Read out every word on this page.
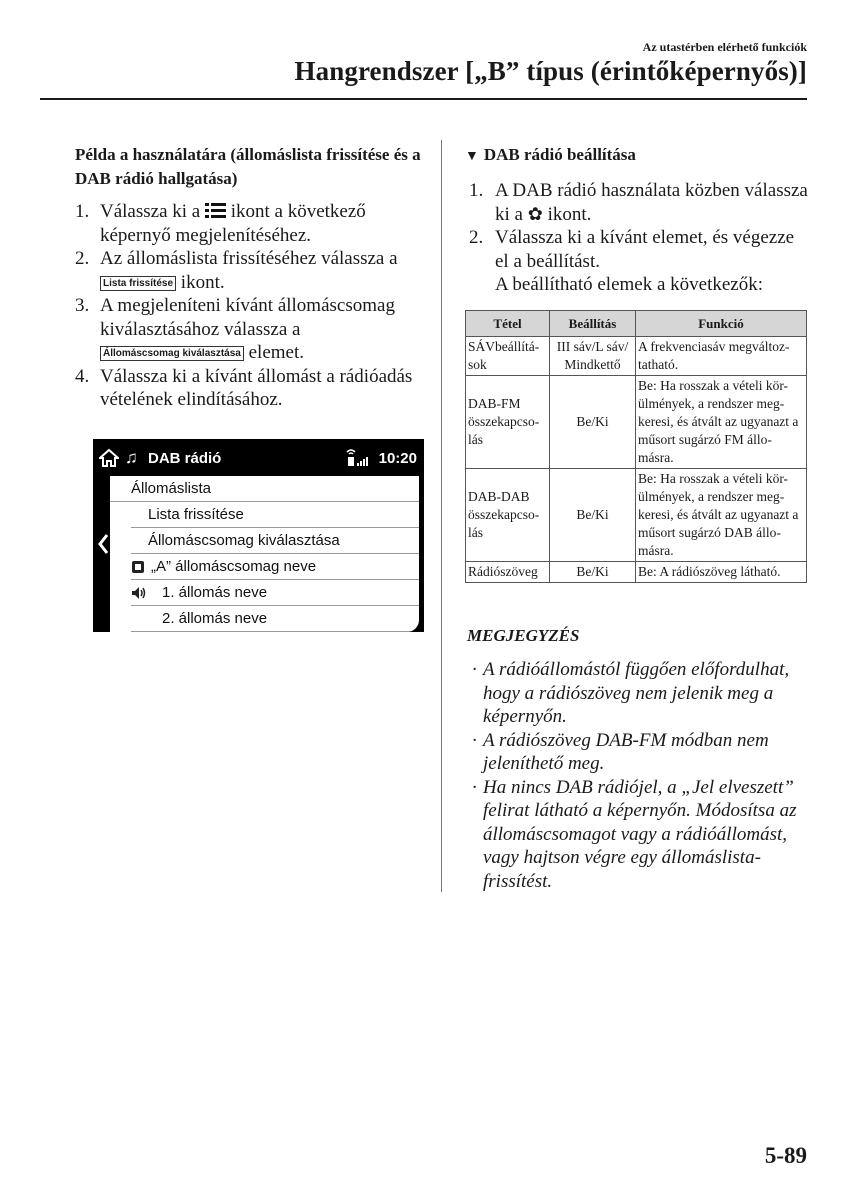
Az utastérben elérhető funkciók
Hangrendszer [„B” típus (érintőképernyős)]
Példa a használatára (állomáslista frissítése és a DAB rádió hallgatása)
1. Válassza ki a  ikont a következő képernyő megjelenítéséhez.
2. Az állomáslista frissítéséhez válassza a Lista frissítése ikont.
3. A megjeleníteni kívánt állomáscsomag kiválasztásához válassza a
Állomáscsomag kiválasztása elemet.
4. Válassza ki a kívánt állomást a rádióadás vételének elindításához.
♫ DAB rádió	10:20
Állomáslista
Lista frissítése
Állomáscsomag kiválasztása
„A” állomáscsomag neve
1. állomás neve
2. állomás neve
▼ DAB rádió beállítása
1. A DAB rádió használata közben válassza ki a ✿ ikont.
2. Válassza ki a kívánt elemet, és végezze el a beállítást.
A beállítható elemek a következők:
Tétel	Beállítás	Funkció
SÁVbeállítá-sok	III sáv/L sáv/ Mindkettő	A frekvenciasáv megváltoz-tatható.
DAB-FM összekapcso-lás	Be/Ki	Be: Ha rosszak a vételi kör-ülmények, a rendszer meg-keresi, és átvált az ugyanazt a műsort sugárzó FM állo-másra.
DAB-DAB összekapcso-lás	Be/Ki	Be: Ha rosszak a vételi kör-ülmények, a rendszer meg-keresi, és átvált az ugyanazt a műsort sugárzó DAB állo-másra.
Rádiószöveg	Be/Ki	Be: A rádiószöveg látható.
MEGJEGYZÉS
· A rádióállomástól függően előfordulhat, hogy a rádiószöveg nem jelenik meg a képernyőn.
· A rádiószöveg DAB-FM módban nem jeleníthető meg.
· Ha nincs DAB rádiójel, a „Jel elveszett” felirat látható a képernyőn. Módosítsa az állomáscsomagot vagy a rádióállomást, vagy hajtson végre egy állomáslista-frissítést.
5-89
